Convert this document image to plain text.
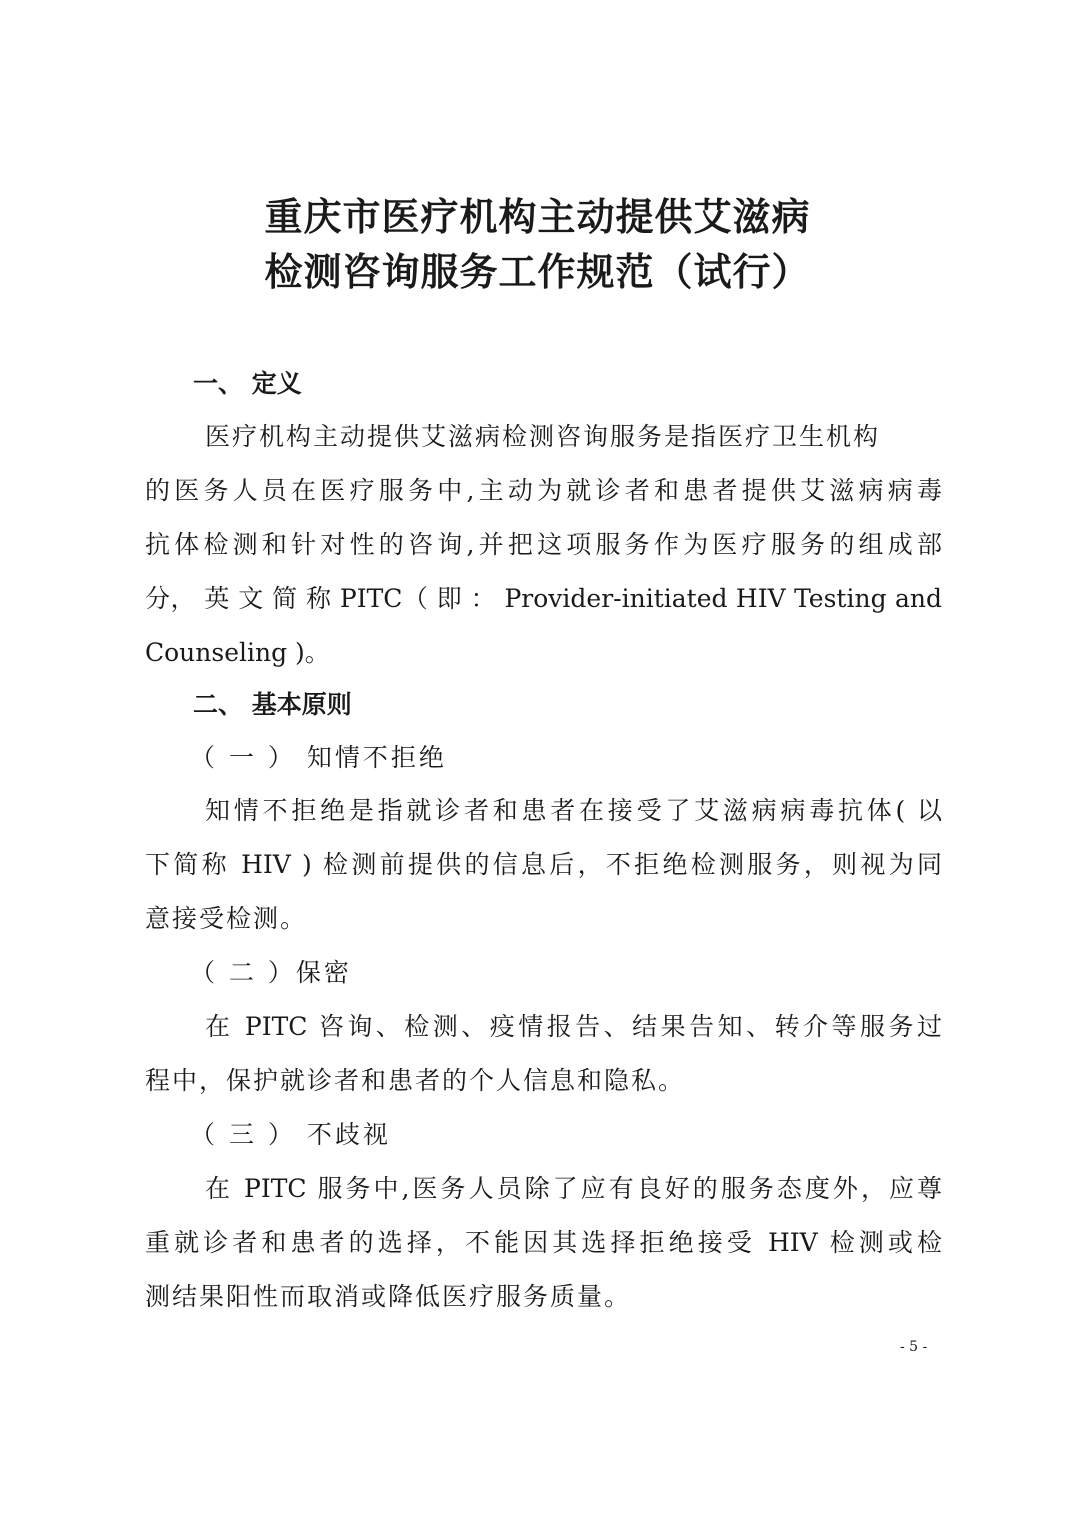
重庆市医疗机构主动提供艾滋病
检测咨询服务工作规范（试行）
一、 定义
医疗机构主动提供艾滋病检测咨询服务是指医疗卫生机构
的医务人员在医疗服务中,主动为就诊者和患者提供艾滋病病毒
抗体检测和针对性的咨询,并把这项服务作为医疗服务的组成部
分， 英 文 简 称 PITC（ 即 ： Provider-initiated HIV Testing and
Counseling )。
二、 基本原则
（ 一 ） 知情不拒绝
知情不拒绝是指就诊者和患者在接受了艾滋病病毒抗体( 以
下简称 HIV ) 检测前提供的信息后，不拒绝检测服务，则视为同
意接受检测。
（ 二 ）保密
在 PITC 咨询、检测、疫情报告、结果告知、转介等服务过
程中，保护就诊者和患者的个人信息和隐私。
（ 三 ） 不歧视
在 PITC 服务中,医务人员除了应有良好的服务态度外，应尊
重就诊者和患者的选择，不能因其选择拒绝接受 HIV 检测或检
测结果阳性而取消或降低医疗服务质量。
- 5 -
